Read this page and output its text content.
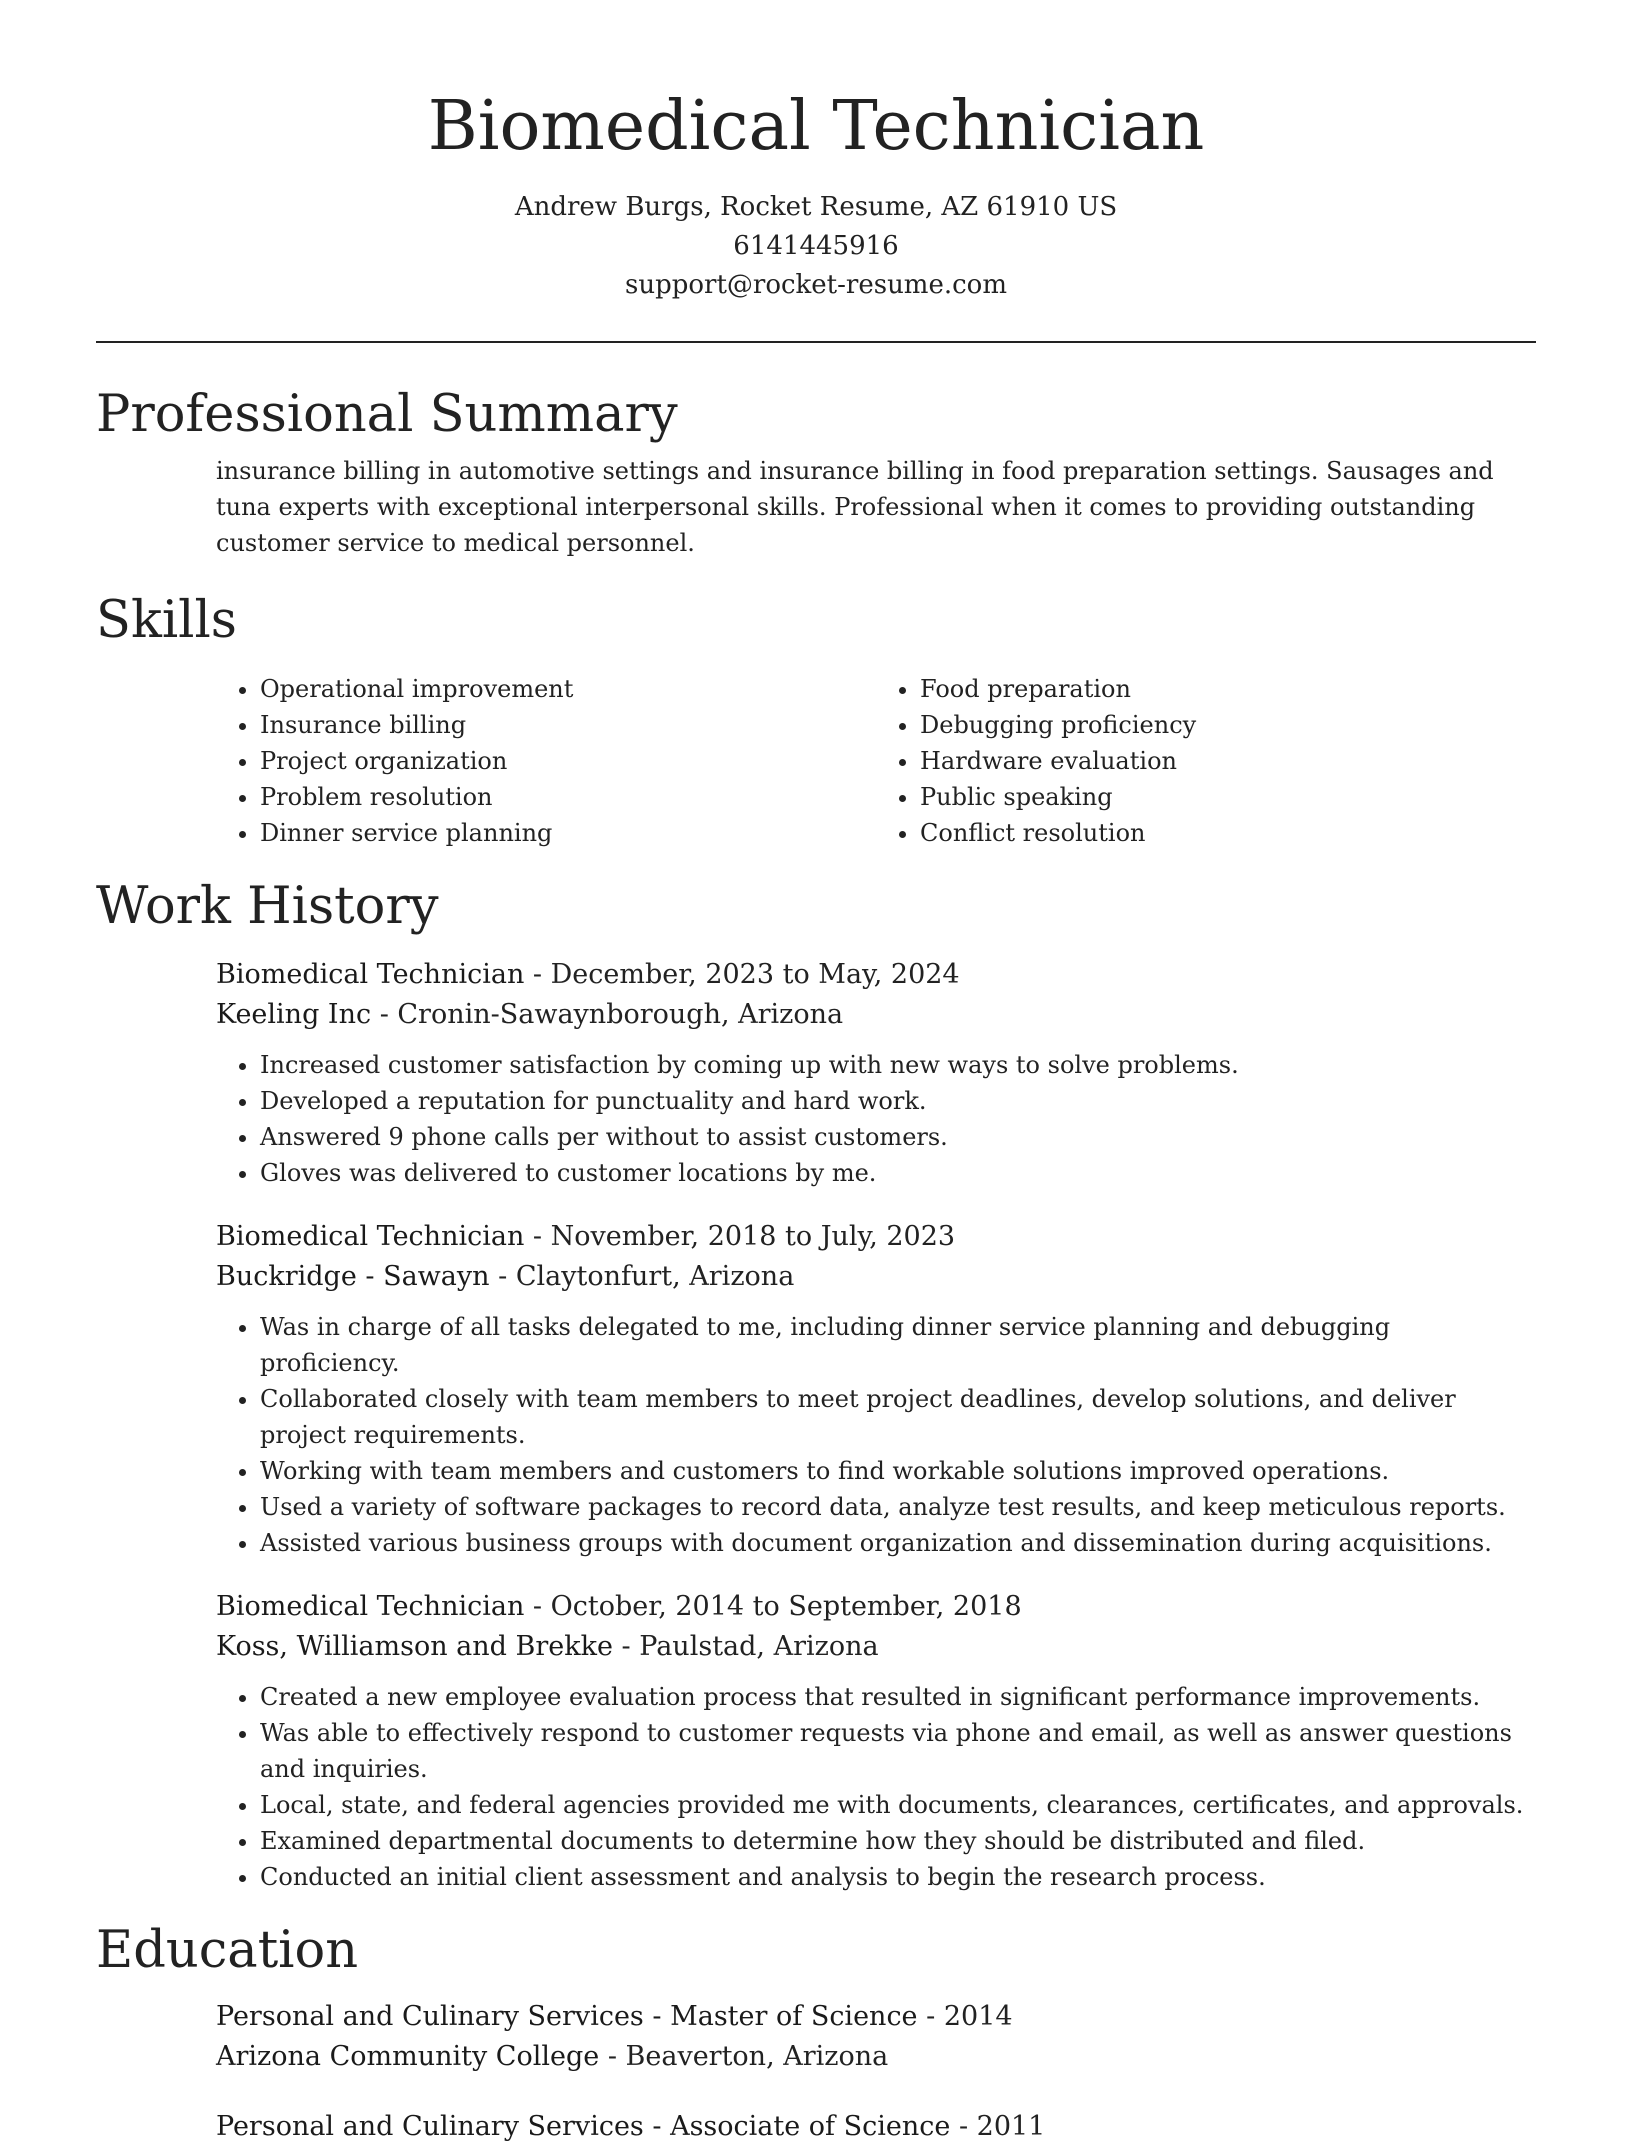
Biomedical Technician
Andrew Burgs, Rocket Resume, AZ 61910 US
6141445916
support@rocket-resume.com
Professional Summary

insurance billing in automotive settings and insurance billing in food preparation settings. Sausages and tuna experts with exceptional interpersonal skills. Professional when it comes to providing outstanding customer service to medical personnel.

Skills
• Operational improvement
• Insurance billing
• Project organization
• Problem resolution
• Dinner service planning
• Food preparation
• Debugging proficiency
• Hardware evaluation
• Public speaking
• Conflict resolution
Work History
Biomedical Technician - December, 2023 to May, 2024
Keeling Inc - Cronin-Sawaynborough, Arizona
• Increased customer satisfaction by coming up with new ways to solve problems.
• Developed a reputation for punctuality and hard work.
• Answered 9 phone calls per without to assist customers.
• Gloves was delivered to customer locations by me.
Biomedical Technician - November, 2018 to July, 2023
Buckridge - Sawayn - Claytonfurt, Arizona
• Was in charge of all tasks delegated to me, including dinner service planning and debugging proficiency.
• Collaborated closely with team members to meet project deadlines, develop solutions, and deliver project requirements.
• Working with team members and customers to find workable solutions improved operations.
• Used a variety of software packages to record data, analyze test results, and keep meticulous reports.
• Assisted various business groups with document organization and dissemination during acquisitions.
Biomedical Technician - October, 2014 to September, 2018
Koss, Williamson and Brekke - Paulstad, Arizona
• Created a new employee evaluation process that resulted in significant performance improvements.
• Was able to effectively respond to customer requests via phone and email, as well as answer questions and inquiries.
• Local, state, and federal agencies provided me with documents, clearances, certificates, and approvals.
• Examined departmental documents to determine how they should be distributed and filed.
• Conducted an initial client assessment and analysis to begin the research process.
Education
Personal and Culinary Services - Master of Science - 2014
Arizona Community College - Beaverton, Arizona
Personal and Culinary Services - Associate of Science - 2011
